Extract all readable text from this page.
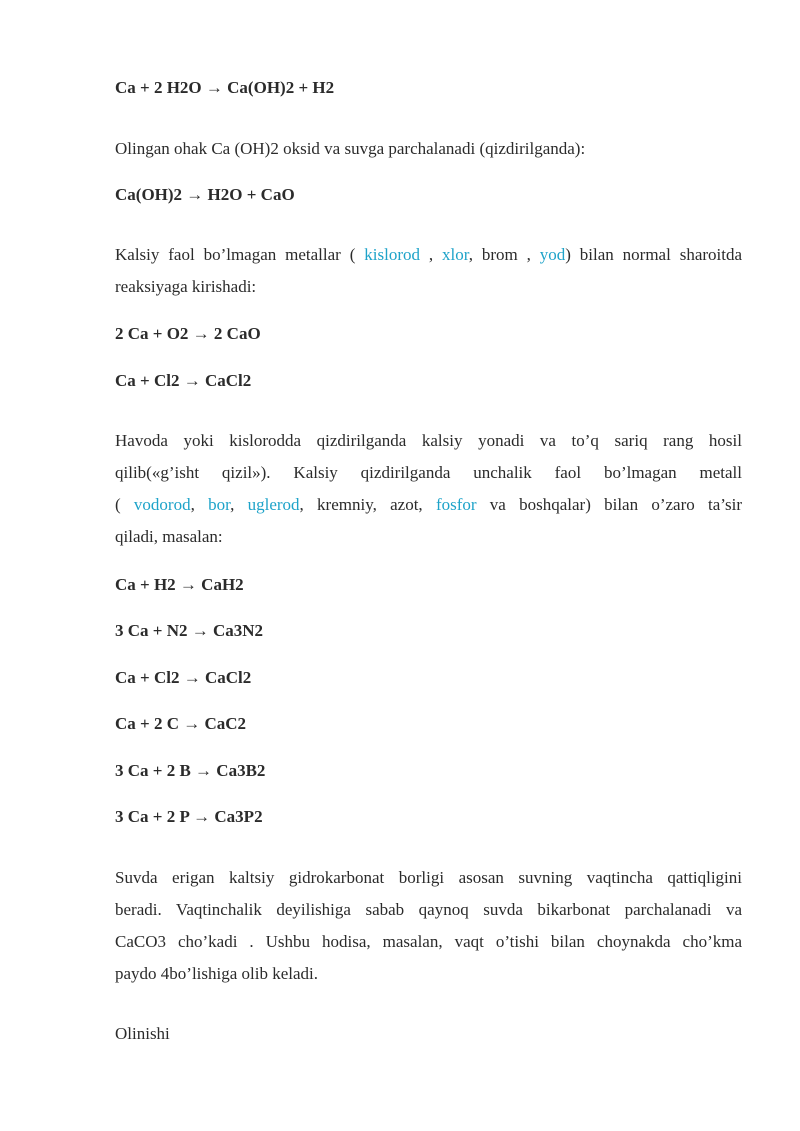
Ca + 2 H2O → Ca(OH)2 + H2

Olingan ohak Ca (OH)2 oksid va suvga parchalanadi (qizdirilganda):

Ca(OH)2 → H2O + CaO

Kalsiy faol bo’lmagan metallar ( kislorod , xlor, brom , yod) bilan normal sharoitda
reaksiyaga kirishadi:

2 Ca + O2 → 2 CaO

Ca + Cl2 → CaCl2

Havoda yoki kislorodda qizdirilganda kalsiy yonadi va to’q sariq rang hosil
qilib(«g’isht qizil»). Kalsiy qizdirilganda unchalik faol bo’lmagan metall
( vodorod, bor, uglerod, kremniy, azot, fosfor va boshqalar) bilan o’zaro ta’sir
qiladi, masalan:

Ca + H2 → CaH2

3 Ca + N2 → Ca3N2

Ca + Cl2 → CaCl2

Ca + 2 C → CaC2

3 Ca + 2 B → Ca3B2

3 Ca + 2 P → Ca3P2

Suvda erigan kaltsiy gidrokarbonat borligi asosan suvning vaqtincha qattiqligini
beradi. Vaqtinchalik deyilishiga sabab qaynoq suvda bikarbonat parchalanadi va
CaCO3 cho’kadi . Ushbu hodisa, masalan, vaqt o’tishi bilan choynakda cho’kma
paydo 4bo’lishiga olib keladi.

Olinishi
